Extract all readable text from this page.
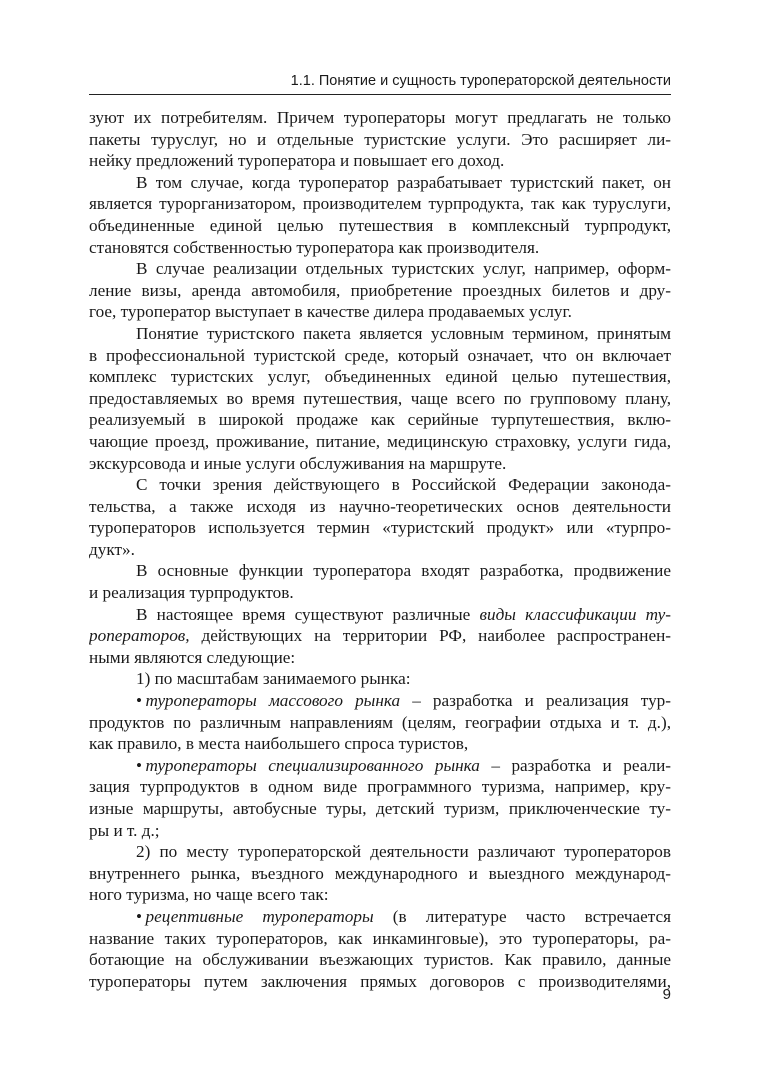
1.1. Понятие и сущность туроператорской деятельности
зуют их потребителям. Причем туроператоры могут предлагать не только
пакеты туруслуг, но и отдельные туристские услуги. Это расширяет ли-
нейку предложений туроператора и повышает его доход.
В том случае, когда туроператор разрабатывает туристский пакет, он
является турорганизатором, производителем турпродукта, так как туруслуги,
объединенные единой целью путешествия в комплексный турпродукт,
становятся собственностью туроператора как производителя.
В случае реализации отдельных туристских услуг, например, оформ-
ление визы, аренда автомобиля, приобретение проездных билетов и дру-
гое, туроператор выступает в качестве дилера продаваемых услуг.
Понятие туристского пакета является условным термином, принятым
в профессиональной туристской среде, который означает, что он включает
комплекс туристских услуг, объединенных единой целью путешествия,
предоставляемых во время путешествия, чаще всего по групповому плану,
реализуемый в широкой продаже как серийные турпутешествия, вклю-
чающие проезд, проживание, питание, медицинскую страховку, услуги гида,
экскурсовода и иные услуги обслуживания на маршруте.
С точки зрения действующего в Российской Федерации законода-
тельства, а также исходя из научно-теоретических основ деятельности
туроператоров используется термин «туристский продукт» или «турпро-
дукт».
В основные функции туроператора входят разработка, продвижение
и реализация турпродуктов.
В настоящее время существуют различные виды классификации ту-
роператоров, действующих на территории РФ, наиболее распространен-
ными являются следующие:
1) по масштабам занимаемого рынка:
•  туроператоры массового рынка – разработка и реализация тур-
продуктов по различным направлениям (целям, географии отдыха и т. д.),
как правило, в места наибольшего спроса туристов,
•  туроператоры специализированного рынка – разработка и реали-
зация турпродуктов в одном виде программного туризма, например, кру-
изные маршруты, автобусные туры, детский туризм, приключенческие ту-
ры и т. д.;
2) по месту туроператорской деятельности различают туроператоров
внутреннего рынка, въездного международного и выездного международ-
ного туризма, но чаще всего так:
•  рецептивные туроператоры (в литературе часто встречается
название таких туроператоров, как инкаминговые), это туроператоры, ра-
ботающие на обслуживании въезжающих туристов. Как правило, данные
туроператоры путем заключения прямых договоров с производителями,
9
